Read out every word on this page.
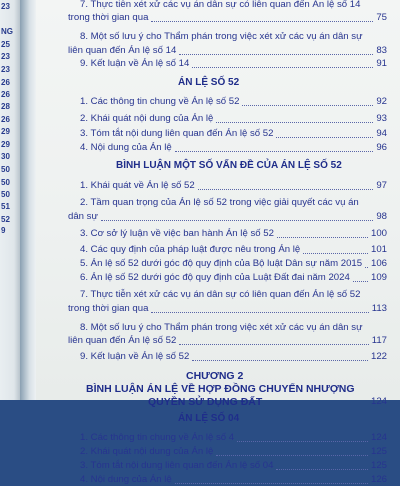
23
NG
25
23
23
26
26
28
26
29
29
30
50
50
50
51
52
9
7. Thực tiễn xét xử các vụ án dân sự có liên quan đến Án lệ số 14
trong thời gian qua	75
8. Một số lưu ý cho Thẩm phán trong việc xét xử các vụ án dân sự
liên quan đến Án lệ số 14	83
9. Kết luận về Án lệ số 14	91
ÁN LỆ SỐ 52
1. Các thông tin chung về Án lệ số 52	92
2. Khái quát nội dung của Án lệ	93
3. Tóm tắt nội dung liên quan đến Án lệ số 52	94
4. Nội dung của Án lệ	96
BÌNH LUẬN MỘT SỐ VẤN ĐỀ CỦA ÁN LỆ SỐ 52
1. Khái quát về Án lệ số 52	97
2. Tầm quan trọng của Án lệ số 52 trong việc giải quyết các vụ án
dân sự	98
3. Cơ sở lý luận về việc ban hành Án lệ số 52	100
4. Các quy định của pháp luật được nêu trong Án lệ	101
5. Án lệ số 52 dưới góc độ quy định của Bộ luật Dân sự năm 2015 106
6. Án lệ số 52 dưới góc độ quy định của Luật Đất đai năm 2024 109
7. Thực tiễn xét xử các vụ án dân sự có liên quan đến Án lệ số 52
trong thời gian qua	113
8. Một số lưu ý cho Thẩm phán trong việc xét xử các vụ án dân sự
liên quan đến Án lệ số 52	117
9. Kết luận về Án lệ số 52	122
CHƯƠNG 2
BÌNH LUẬN ÁN LỆ VỀ HỢP ĐỒNG CHUYỂN NHƯỢNG
QUYỀN SỬ DỤNG ĐẤT	124
ÁN LỆ SỐ 04
1. Các thông tin chung về Án lệ số 4	124
2. Khái quát nội dung của Án lệ	125
3. Tóm tắt nội dung liên quan đến Án lệ số 04	125
4. Nội dung của Án lệ	126
